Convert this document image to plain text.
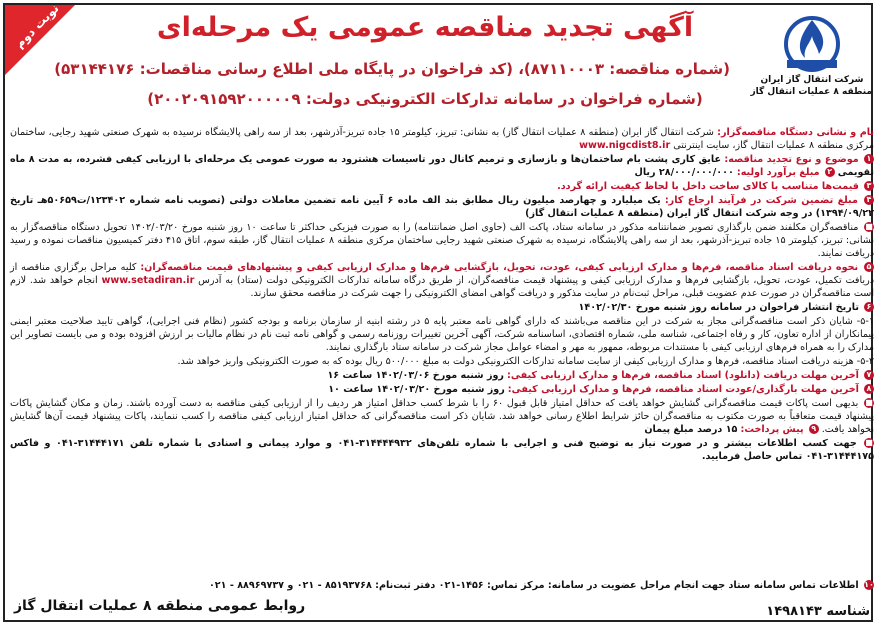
نوبت دوم
شرکت انتقال گاز ایران
منطقه ۸ عملیات انتقال گاز
آگهی تجدید مناقصه عمومی یک مرحله‌ای
(شماره مناقصه: ۸۷۱۱۰۰۰۳)، (کد فراخوان در پایگاه ملی اطلاع رسانی مناقصات: ۵۳۱۴۴۱۷۶)
(شماره فراخوان در سامانه تدارکات الکترونیکی دولت: ۲۰۰۲۰۹۱۵۹۲۰۰۰۰۰۹)

نام و نشانی دستگاه مناقصه‌گزار: شرکت انتقال گاز ایران (منطقه ۸ عملیات انتقال گاز) به نشانی: تبریز، کیلومتر ۱۵ جاده تبریز-آذرشهر، بعد از سه راهی پالایشگاه نرسیده به شهرک صنعتی شهید رجایی، ساختمان مرکزی منطقه ۸ عملیات انتقال گاز، سایت اینترنتی www.nigcdist8.ir

۱ موضوع و نوع تجدید مناقصه: عایق کاری پشت بام ساختمان‌ها و بازسازی و ترمیم کانال دور تاسیسات هشترود به صورت عمومی یک مرحله‌ای با ارزیابی کیفی فشرده، به مدت ۸ ماه تقویمی ۲ مبلغ برآورد اولیه: ۲۸/۰۰۰/۰۰۰/۰۰۰ ریال

۳ قیمت‌ها متناسب با کالای ساخت داخل با لحاظ کیفیت ارائه گردد.

۴ مبلغ تضمین شرکت در فرآیند ارجاع کار: یک میلیارد و چهارصد میلیون ریال مطابق بند الف ماده ۶ آیین نامه تضمین معاملات دولتی (تصویب نامه شماره ۱۲۳۴۰۲/ت۵۰۶۵۹هـ تاریخ ۱۳۹۴/۰۹/۲۲) در وجه شرکت انتقال گاز ایران (منطقه ۸ عملیات انتقال گاز)

■ مناقصه‌گران مکلفند ضمن بارگذاری تصویر ضمانتنامه مذکور در سامانه ستاد، پاکت الف (حاوی اصل ضمانتنامه) را به صورت فیزیکی حداکثر تا ساعت ۱۰ روز شنبه مورخ ۱۴۰۲/۰۳/۲۰ تحویل دستگاه مناقصه‌گزار به نشانی: تبریز، کیلومتر ۱۵ جاده تبریز-آذرشهر، بعد از سه راهی پالایشگاه، نرسیده به شهرک صنعتی شهید رجایی ساختمان مرکزی منطقه ۸ عملیات انتقال گاز، طبقه سوم، اتاق ۴۱۵ دفتر کمیسیون مناقصات نموده و رسید دریافت نمایند.

۵ نحوه دریافت اسناد مناقصه، فرم‌ها و مدارک ارزیابی کیفی، عودت، تحویل، بازگشایی فرم‌ها و مدارک ارزیابی کیفی و پیشنهادهای قیمت مناقصه‌گران: کلیه مراحل برگزاری مناقصه از دریافت تکمیل، عودت، تحویل، بازگشایی فرم‌ها و مدارک ارزیابی کیفی و پیشنهاد قیمت مناقصه‌گران، از طریق درگاه سامانه تدارکات الکترونیکی دولت (ستاد) به آدرس www.setadiran.ir انجام خواهد شد. لازم است مناقصه‌گران در صورت عدم عضویت قبلی، مراحل ثبت‌نام در سایت مذکور و دریافت گواهی امضای الکترونیکی را جهت شرکت در مناقصه محقق سازند.

۶ تاریخ انتشار فراخوان در سامانه روز شنبه مورخ ۱۴۰۲/۰۲/۳۰

۵-۱- شایان ذکر است مناقصه‌گرانی مجاز به شرکت در این مناقصه می‌باشند که دارای گواهی نامه معتبر پایه ۵ در رشته ابنیه از سازمان برنامه و بودجه کشور (نظام فنی اجرایی)، گواهی تایید صلاحیت معتبر ایمنی پیمانکاران از اداره تعاون، کار و رفاه اجتماعی، شناسه ملی، شماره اقتصادی، اساسنامه شرکت، آگهی آخرین تغییرات روزنامه رسمی و گواهی نامه ثبت نام در نظام مالیات بر ارزش افزوده بوده و می بایست تصاویر این مدارک را به همراه فرم‌های ارزیابی کیفی با مستندات مربوطه، ممهور به مهر و امضاء عوامل مجاز شرکت در سامانه ستاد بارگذاری نمایند.

۵-۲- هزینه دریافت اسناد مناقصه، فرم‌ها و مدارک ارزیابی کیفی از سایت سامانه تدارکات الکترونیکی دولت به مبلغ ۵۰۰/۰۰۰ ریال بوده که به صورت الکترونیکی واریز خواهد شد.

۷ آخرین مهلت دریافت (دانلود) اسناد مناقصه، فرم‌ها و مدارک ارزیابی کیفی: روز شنبه مورخ ۱۴۰۲/۰۳/۰۶ ساعت ۱۶

۸ آخرین مهلت بارگذاری/عودت اسناد مناقصه، فرم‌ها و مدارک ارزیابی کیفی: روز شنبه مورخ ۱۴۰۲/۰۳/۲۰ ساعت ۱۰

■ بدیهی است پاکات قیمت مناقصه‌گرانی گشایش خواهد یافت که حداقل امتیاز قابل قبول ۶۰ را با شرط کسب حداقل امتیاز هر ردیف را از ارزیابی کیفی مناقصه به دست آورده باشند. زمان و مکان گشایش پاکات پیشنهاد قیمت متعاقباً به صورت مکتوب به مناقصه‌گران حائز شرایط اطلاع رسانی خواهد شد. شایان ذکر است مناقصه‌گرانی که حداقل امتیاز ارزیابی کیفی مناقصه را کسب ننمایند، پاکات پیشنهاد قیمت آن‌ها گشایش نخواهد یافت. ۹ پیش پرداخت: ۱۵ درصد مبلغ پیمان

■ جهت کسب اطلاعات بیشتر و در صورت نیاز به توضیح فنی و اجرایی با شماره تلفن‌های ۳۱۴۴۴۴۹۳۲-۰۴۱ و موارد پیمانی و اسنادی با شماره تلفن ۳۱۴۴۴۱۷۱-۰۴۱ و فاکس ۳۱۴۴۴۱۷۵-۰۴۱ تماس حاصل فرمایید.

۱۰ اطلاعات تماس سامانه ستاد جهت انجام مراحل عضویت در سامانه: مرکز تماس: ۱۴۵۶-۰۲۱ دفتر ثبت‌نام: ۸۵۱۹۳۷۶۸ - ۰۲۱ و ۸۸۹۶۹۷۳۷ - ۰۲۱
شناسه ۱۴۹۸۱۴۳
روابط عمومی منطقه ۸ عملیات انتقال گاز
